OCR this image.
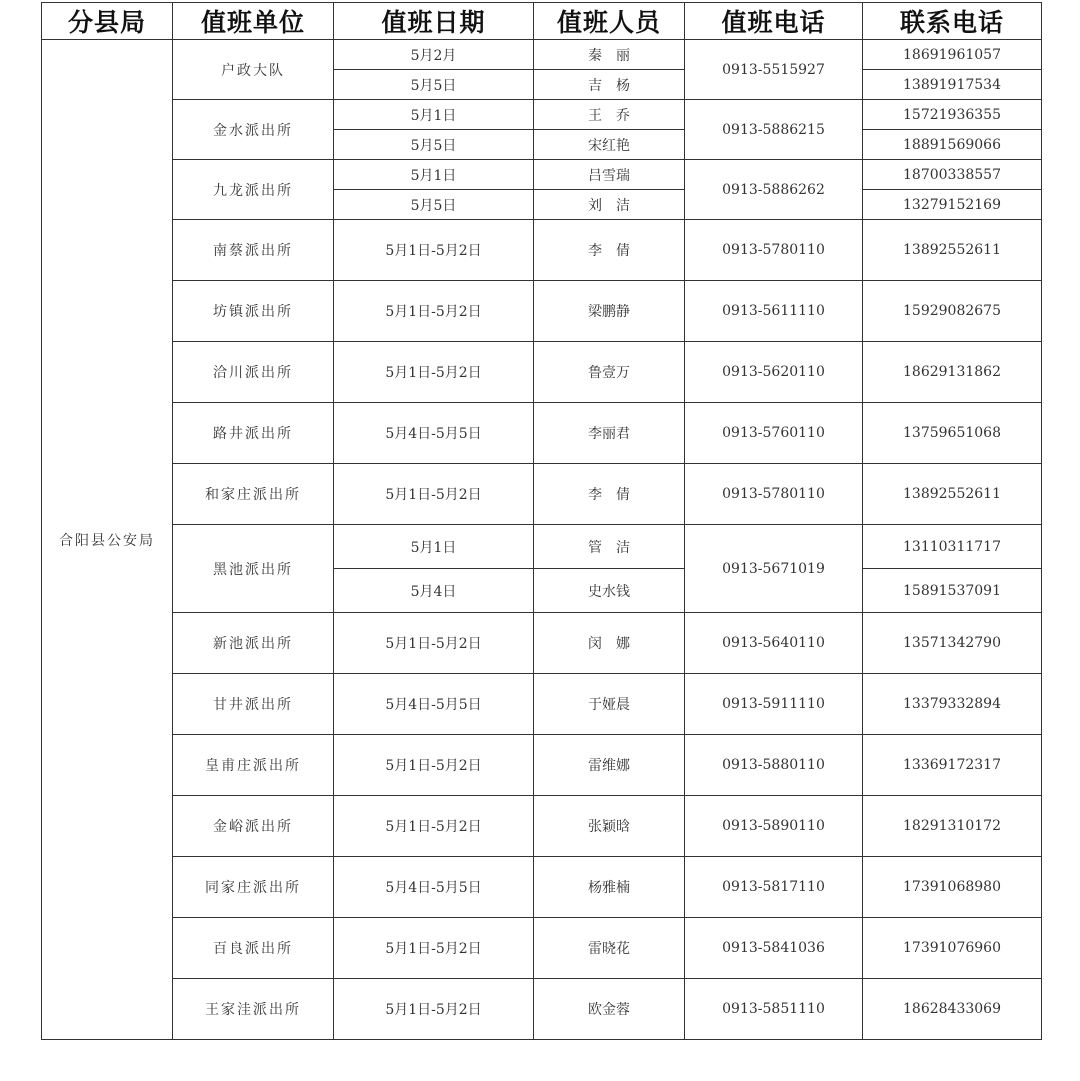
分县局	值班单位	值班日期	值班人员	值班电话	联系电话
合阳县公安局	户政大队	5月2月	秦　丽	0913-5515927	18691961057
		5月5日	吉　杨		13891917534
	金水派出所	5月1日	王　乔	0913-5886215	15721936355
		5月5日	宋红艳		18891569066
	九龙派出所	5月1日	吕雪瑞	0913-5886262	18700338557
		5月5日	刘　洁		13279152169
	南蔡派出所	5月1日-5月2日	李　倩	0913-5780110	13892552611
	坊镇派出所	5月1日-5月2日	梁鹏静	0913-5611110	15929082675
	洽川派出所	5月1日-5月2日	鲁壹万	0913-5620110	18629131862
	路井派出所	5月4日-5月5日	李丽君	0913-5760110	13759651068
	和家庄派出所	5月1日-5月2日	李　倩	0913-5780110	13892552611
	黑池派出所	5月1日	管　洁	0913-5671019	13110311717
		5月4日	史水钱		15891537091
	新池派出所	5月1日-5月2日	闵　娜	0913-5640110	13571342790
	甘井派出所	5月4日-5月5日	于娅晨	0913-5911110	13379332894
	皇甫庄派出所	5月1日-5月2日	雷维娜	0913-5880110	13369172317
	金峪派出所	5月1日-5月2日	张颖晗	0913-5890110	18291310172
	同家庄派出所	5月4日-5月5日	杨雅楠	0913-5817110	17391068980
	百良派出所	5月1日-5月2日	雷晓花	0913-5841036	17391076960
	王家洼派出所	5月1日-5月2日	欧金蓉	0913-5851110	18628433069
